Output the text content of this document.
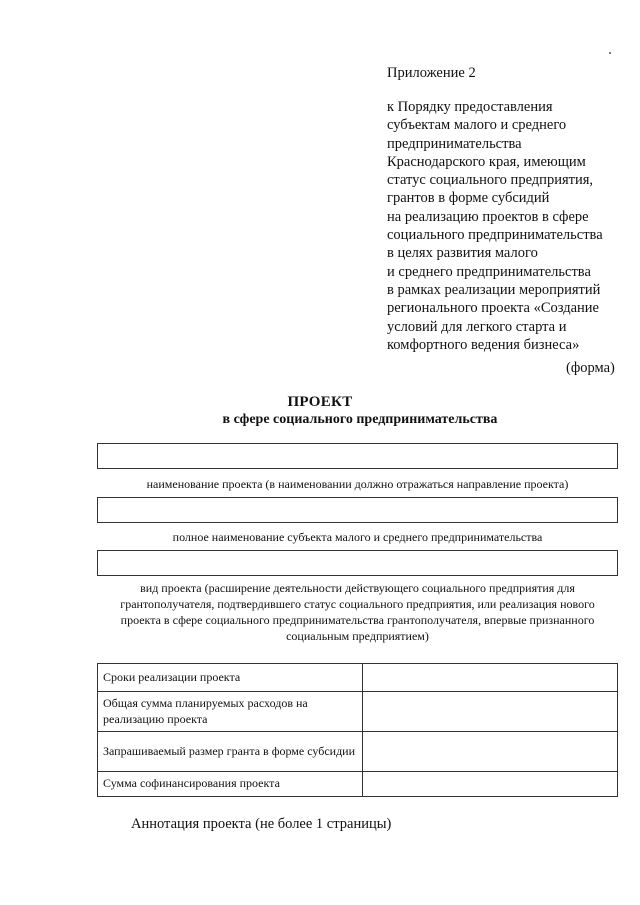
Приложение 2
к Порядку предоставления
субъектам малого и среднего
предпринимательства
Краснодарского края, имеющим
статус социального предприятия,
грантов в форме субсидий
на реализацию проектов в сфере
социального предпринимательства
в целях развития малого
и среднего предпринимательства
в рамках реализации мероприятий
регионального проекта «Создание
условий для легкого старта и
комфортного ведения бизнеса»
(форма)
ПРОЕКТ
в сфере социального предпринимательства
наименование проекта (в наименовании должно отражаться направление проекта)
полное наименование субъекта малого и среднего предпринимательства
вид проекта (расширение деятельности действующего социального предприятия для
грантополучателя, подтвердившего статус социального предприятия, или реализация нового
проекта в сфере социального предпринимательства грантополучателя, впервые признанного
социальным предприятием)
Сроки реализации проекта	
Общая сумма планируемых расходов на реализацию проекта	
Запрашиваемый размер гранта в форме субсидии	
Сумма софинансирования проекта	
Аннотация проекта (не более 1 страницы)
